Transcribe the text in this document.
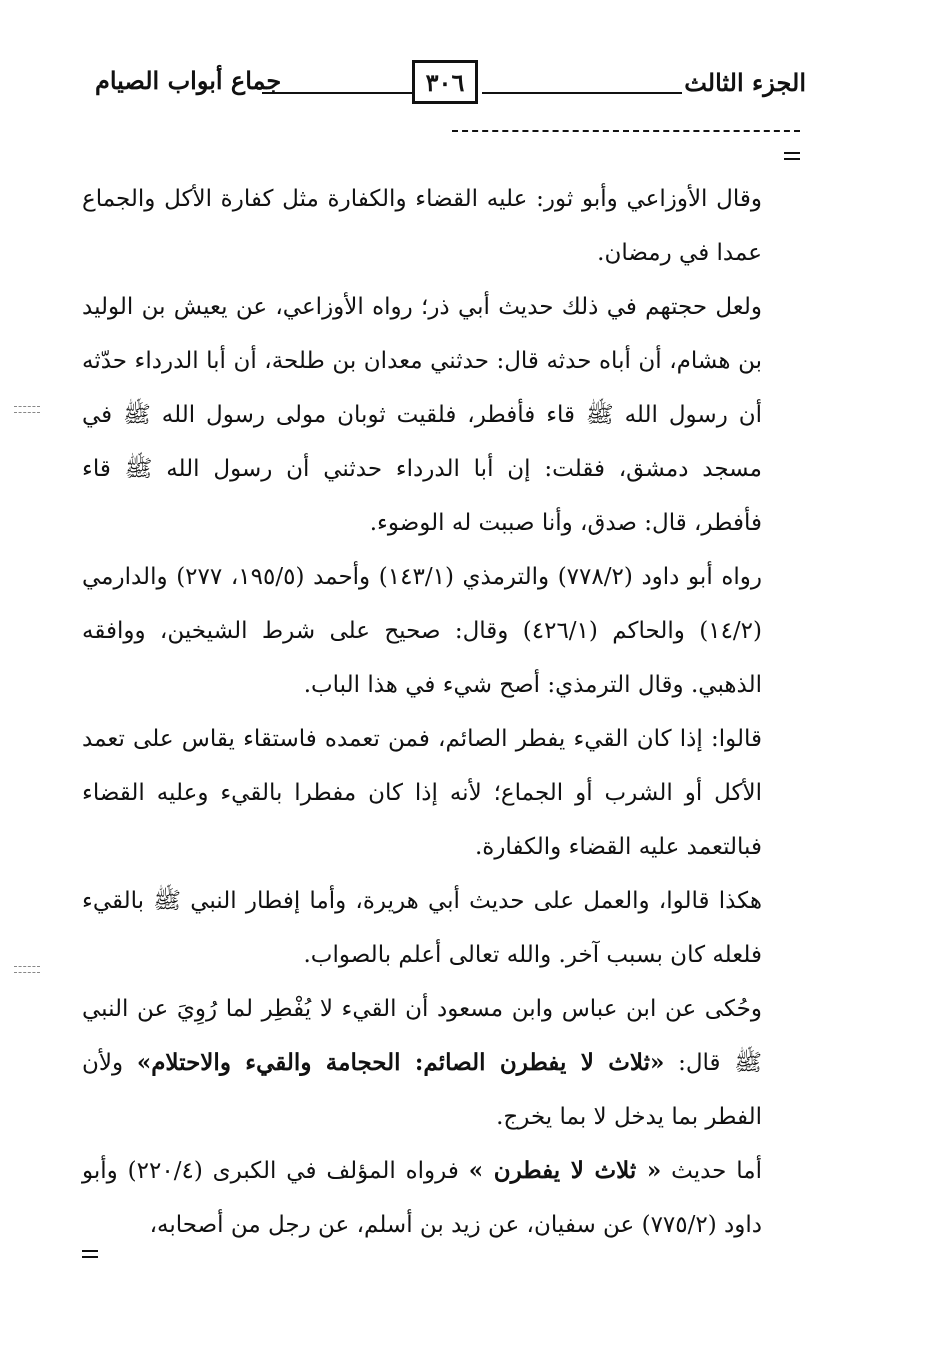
الجزء الثالث
٣٠٦
جماع أبواب الصيام

وقال الأوزاعي وأبو ثور: عليه القضاء والكفارة مثل كفارة الأكل والجماع عمدا في رمضان.

ولعل حجتهم في ذلك حديث أبي ذر؛ رواه الأوزاعي، عن يعيش بن الوليد بن هشام، أن أباه حدثه قال: حدثني معدان بن طلحة، أن أبا الدرداء حدّثه أن رسول الله ﷺ قاء فأفطر، فلقيت ثوبان مولى رسول الله ﷺ في مسجد دمشق، فقلت: إن أبا الدرداء حدثني أن رسول الله ﷺ قاء فأفطر، قال: صدق، وأنا صببت له الوضوء.

رواه أبو داود (٧٧٨/٢) والترمذي (١٤٣/١) وأحمد (١٩٥/٥، ٢٧٧) والدارمي (١٤/٢) والحاكم (٤٢٦/١) وقال: صحيح على شرط الشيخين، ووافقه الذهبي. وقال الترمذي: أصح شيء في هذا الباب.

قالوا: إذا كان القيء يفطر الصائم، فمن تعمده فاستقاء يقاس على تعمد الأكل أو الشرب أو الجماع؛ لأنه إذا كان مفطرا بالقيء وعليه القضاء فبالتعمد عليه القضاء والكفارة.

هكذا قالوا، والعمل على حديث أبي هريرة، وأما إفطار النبي ﷺ بالقيء فلعله كان بسبب آخر. والله تعالى أعلم بالصواب.

وحُكى عن ابن عباس وابن مسعود أن القيء لا يُفْطِر لما رُوِيَ عن النبي ﷺ قال: «ثلاث لا يفطرن الصائم: الحجامة والقيء والاحتلام» ولأن الفطر بما يدخل لا بما يخرج.

أما حديث « ثلاث لا يفطرن » فرواه المؤلف في الكبرى (٢٢٠/٤) وأبو داود (٧٧٥/٢) عن سفيان، عن زيد بن أسلم، عن رجل من أصحابه،
